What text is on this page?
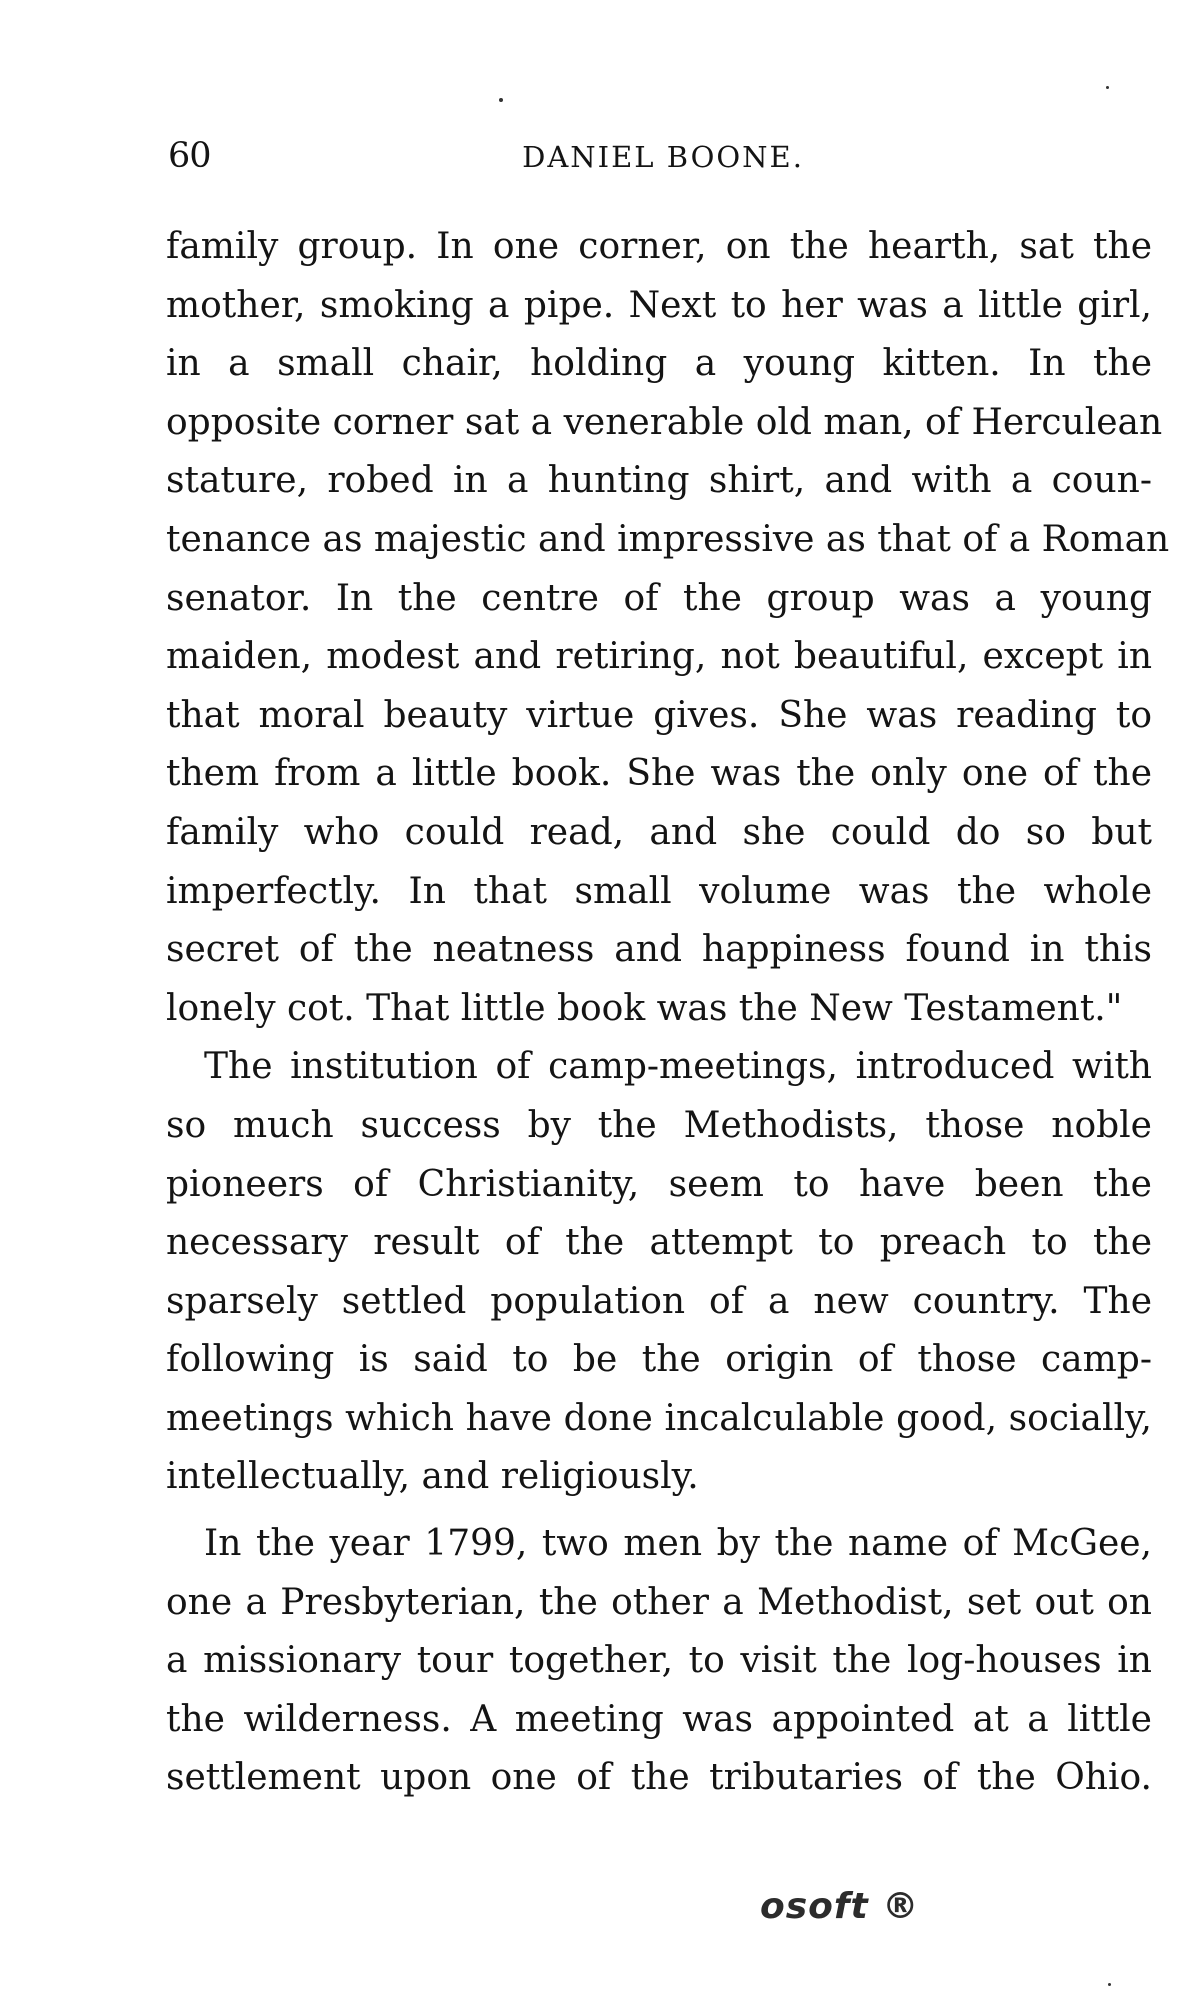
60	DANIEL BOONE.

family group. In one corner, on the hearth, sat the
mother, smoking a pipe. Next to her was a little girl,
in a small chair, holding a young kitten. In the
opposite corner sat a venerable old man, of Herculean
stature, robed in a hunting shirt, and with a coun-
tenance as majestic and impressive as that of a Roman
senator. In the centre of the group was a young
maiden, modest and retiring, not beautiful, except in
that moral beauty virtue gives. She was reading to
them from a little book. She was the only one of the
family who could read, and she could do so but
imperfectly. In that small volume was the whole
secret of the neatness and happiness found in this
lonely cot. That little book was the New Testament."

The institution of camp-meetings, introduced with
so much success by the Methodists, those noble
pioneers of Christianity, seem to have been the
necessary result of the attempt to preach to the
sparsely settled population of a new country. The
following is said to be the origin of those camp-
meetings which have done incalculable good, socially,
intellectually, and religiously.

In the year 1799, two men by the name of McGee,
one a Presbyterian, the other a Methodist, set out on
a missionary tour together, to visit the log-houses in
the wilderness. A meeting was appointed at a little
settlement upon one of the tributaries of the Ohio.

osoft ®
